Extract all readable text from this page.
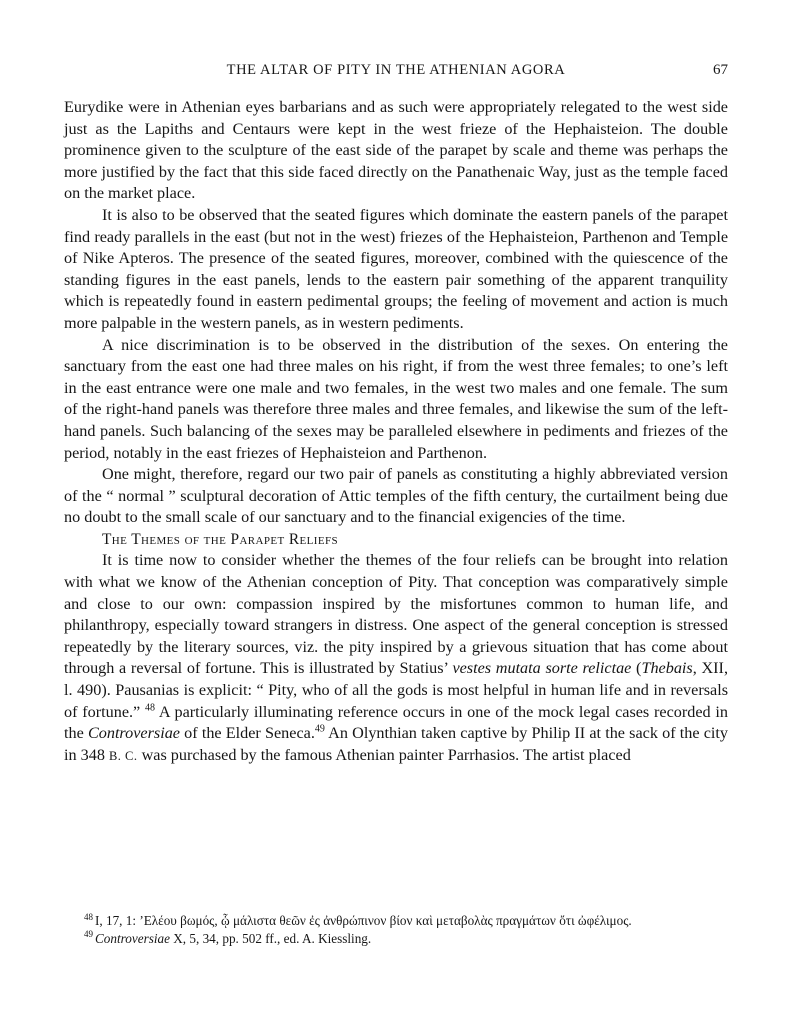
THE ALTAR OF PITY IN THE ATHENIAN AGORA	67

Eurydike were in Athenian eyes barbarians and as such were appropriately relegated to the west side just as the Lapiths and Centaurs were kept in the west frieze of the Hephaisteion. The double prominence given to the sculpture of the east side of the parapet by scale and theme was perhaps the more justified by the fact that this side faced directly on the Panathenaic Way, just as the temple faced on the market place.

It is also to be observed that the seated figures which dominate the eastern panels of the parapet find ready parallels in the east (but not in the west) friezes of the Hephaisteion, Parthenon and Temple of Nike Apteros. The presence of the seated figures, moreover, combined with the quiescence of the standing figures in the east panels, lends to the eastern pair something of the apparent tranquility which is repeatedly found in eastern pedimental groups; the feeling of movement and action is much more palpable in the western panels, as in western pediments.

A nice discrimination is to be observed in the distribution of the sexes. On entering the sanctuary from the east one had three males on his right, if from the west three females; to one’s left in the east entrance were one male and two females, in the west two males and one female. The sum of the right-hand panels was therefore three males and three females, and likewise the sum of the left-hand panels. Such balancing of the sexes may be paralleled elsewhere in pediments and friezes of the period, notably in the east friezes of Hephaisteion and Parthenon.

One might, therefore, regard our two pair of panels as constituting a highly abbreviated version of the “ normal ” sculptural decoration of Attic temples of the fifth century, the curtailment being due no doubt to the small scale of our sanctuary and to the financial exigencies of the time.

The Themes of the Parapet Reliefs

It is time now to consider whether the themes of the four reliefs can be brought into relation with what we know of the Athenian conception of Pity. That conception was comparatively simple and close to our own: compassion inspired by the misfortunes common to human life, and philanthropy, especially toward strangers in distress. One aspect of the general conception is stressed repeatedly by the literary sources, viz. the pity inspired by a grievous situation that has come about through a reversal of fortune. This is illustrated by Statius’ vestes mutata sorte relictae (Thebais, XII, l. 490). Pausanias is explicit: “ Pity, who of all the gods is most helpful in human life and in reversals of fortune.” $^{48}$ A particularly illuminating reference occurs in one of the mock legal cases recorded in the Controversiae of the Elder Seneca.$^{49}$ An Olynthian taken captive by Philip II at the sack of the city in 348 B. C. was purchased by the famous Athenian painter Parrhasios. The artist placed

$^{48}$ I, 17, 1: ’Ελέου βωμός, ᾧ μάλιστα θεῶν ἐς ἀνθρώπινον βίον καὶ μεταβολὰς πραγμάτων ὄτι ὠφέλιμος.

$^{49}$ Controversiae X, 5, 34, pp. 502 ff., ed. A. Kiessling.
